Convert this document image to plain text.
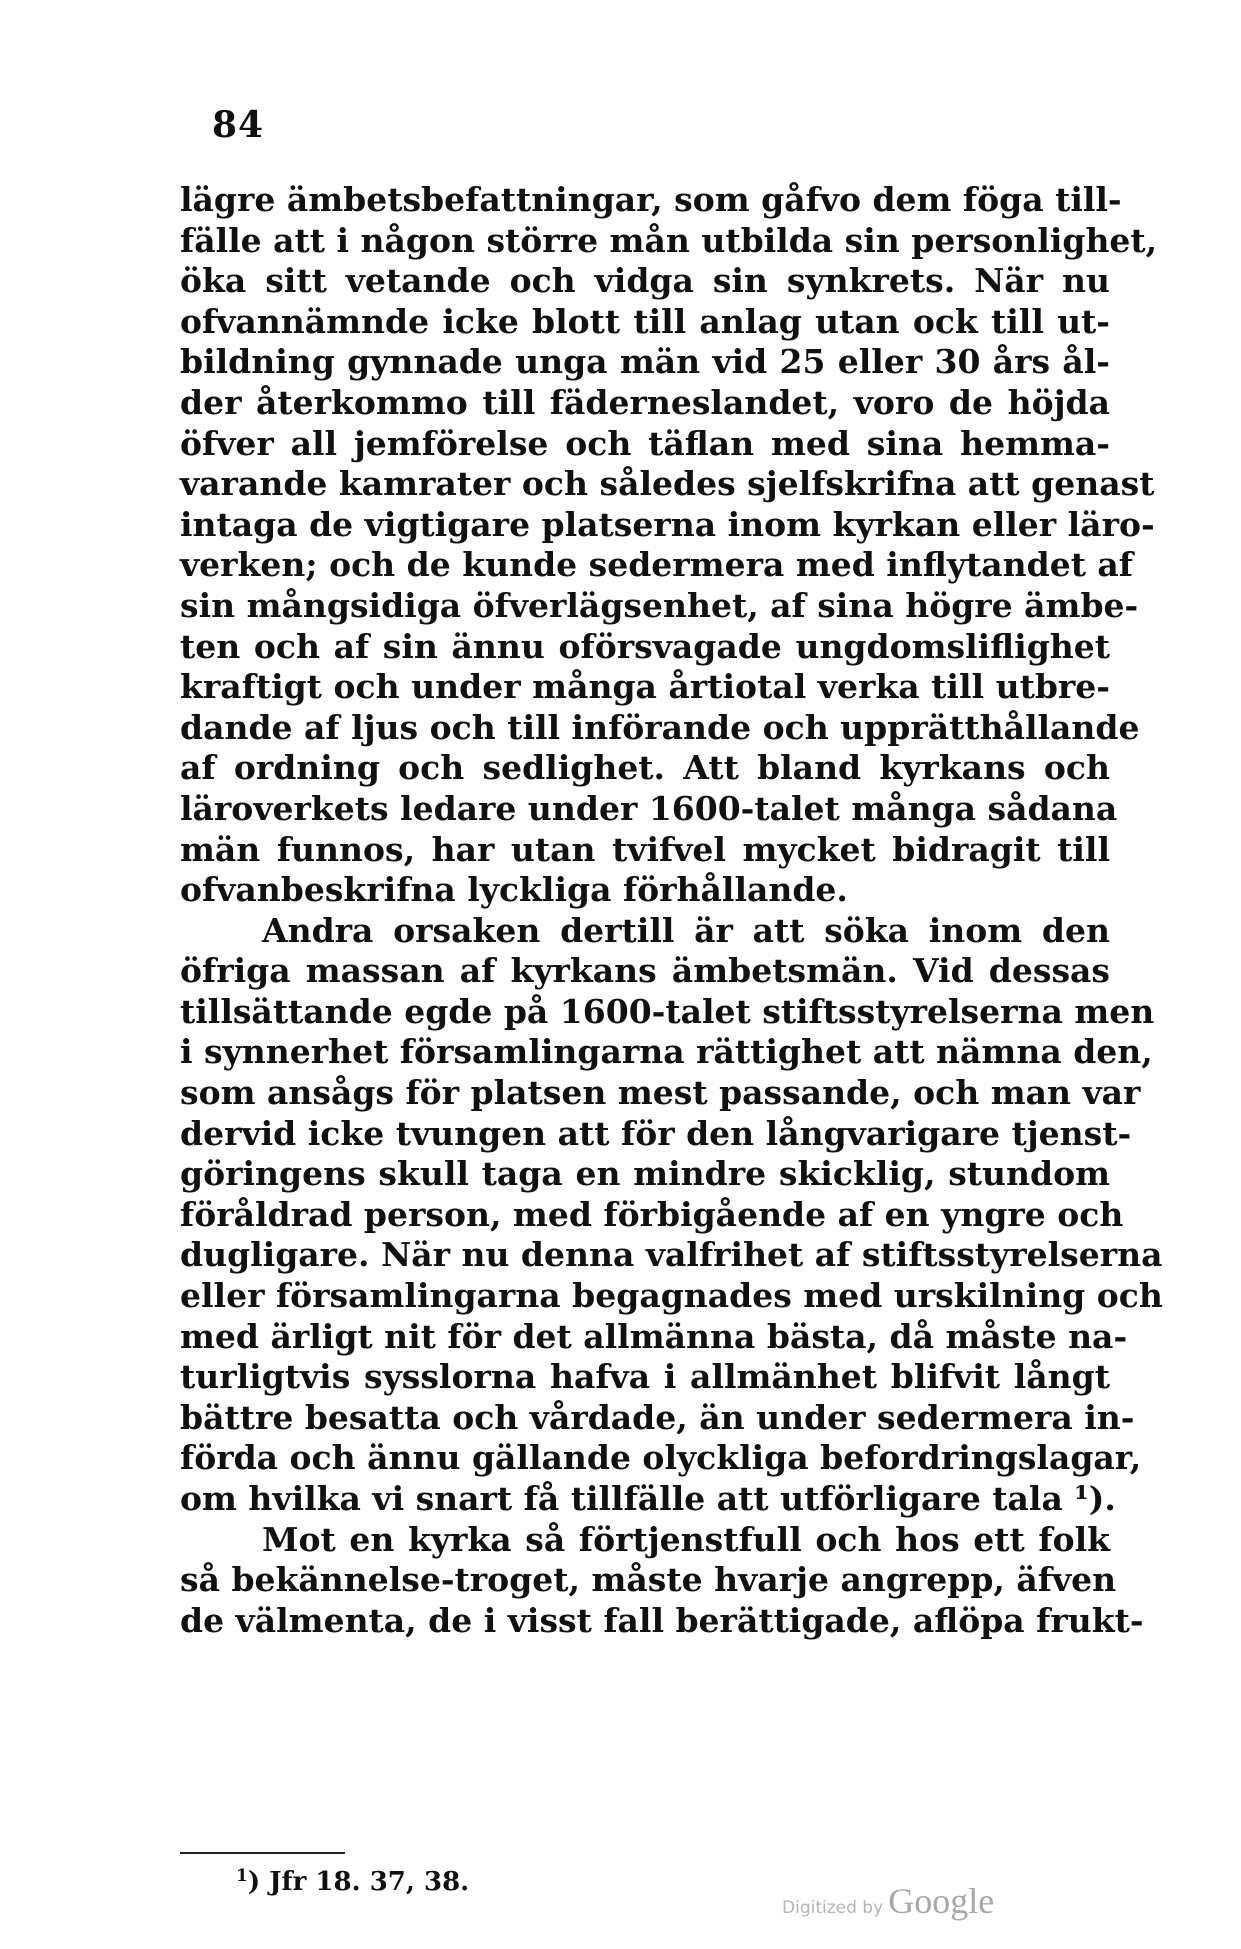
84
lägre ämbetsbefattningar, som gåfvo dem föga till-
fälle att i någon större mån utbilda sin personlighet,
öka sitt vetande och vidga sin synkrets. När nu
ofvannämnde icke blott till anlag utan ock till ut-
bildning gynnade unga män vid 25 eller 30 års ål-
der återkommo till fäderneslandet, voro de höjda
öfver all jemförelse och täflan med sina hemma-
varande kamrater och således sjelfskrifna att genast
intaga de vigtigare platserna inom kyrkan eller läro-
verken; och de kunde sedermera med inflytandet af
sin mångsidiga öfverlägsenhet, af sina högre ämbe-
ten och af sin ännu oförsvagade ungdomsliflighet
kraftigt och under många årtiotal verka till utbre-
dande af ljus och till införande och upprätthållande
af ordning och sedlighet. Att bland kyrkans och
läroverkets ledare under 1600-talet många sådana
män funnos, har utan tvifvel mycket bidragit till
ofvanbeskrifna lyckliga förhållande.
Andra orsaken dertill är att söka inom den
öfriga massan af kyrkans ämbetsmän. Vid dessas
tillsättande egde på 1600-talet stiftsstyrelserna men
i synnerhet församlingarna rättighet att nämna den,
som ansågs för platsen mest passande, och man var
dervid icke tvungen att för den långvarigare tjenst-
göringens skull taga en mindre skicklig, stundom
föråldrad person, med förbigående af en yngre och
dugligare. När nu denna valfrihet af stiftsstyrelserna
eller församlingarna begagnades med urskilning och
med ärligt nit för det allmänna bästa, då måste na-
turligtvis sysslorna hafva i allmänhet blifvit långt
bättre besatta och vårdade, än under sedermera in-
förda och ännu gällande olyckliga befordringslagar,
om hvilka vi snart få tillfälle att utförligare tala ¹).
Mot en kyrka så förtjenstfull och hos ett folk
så bekännelse-troget, måste hvarje angrepp, äfven
de välmenta, de i visst fall berättigade, aflöpa frukt-
$^1$) Jfr 18. 37, 38.
Digitized by Google
